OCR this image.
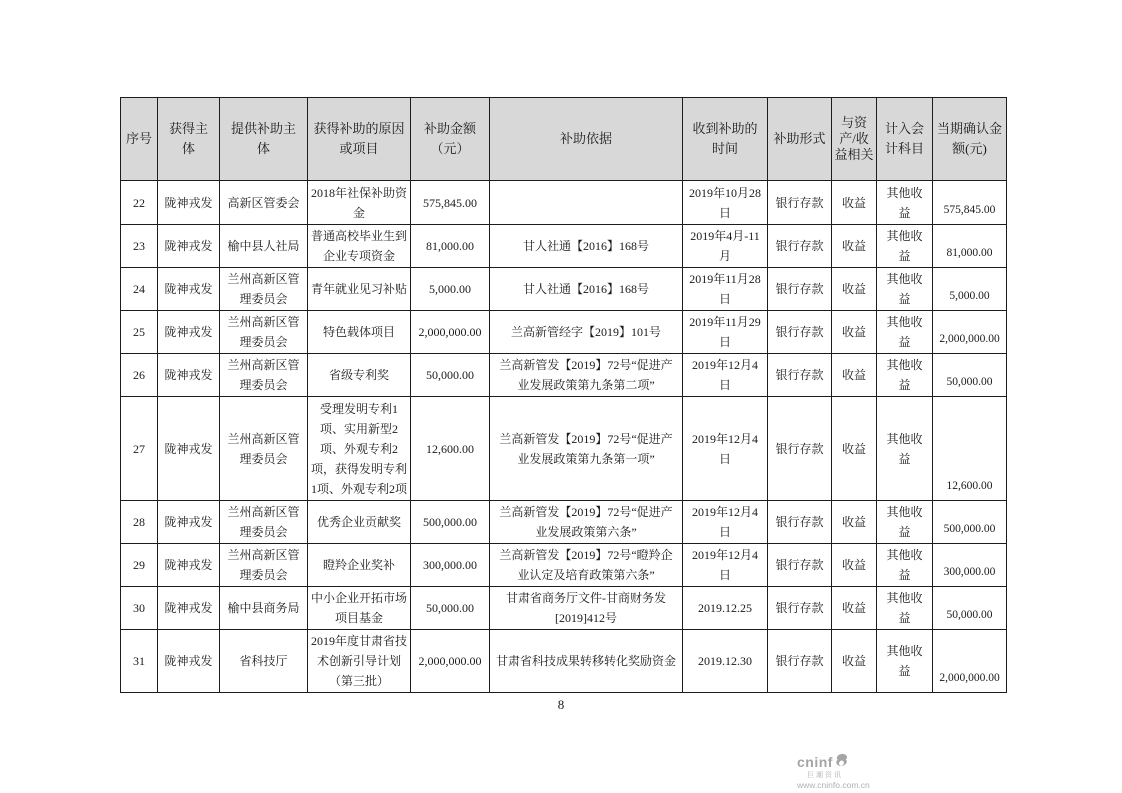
序号	获得主体	提供补助主体	获得补助的原因或项目	补助金额（元）	补助依据	收到补助的时间	补助形式	与资产/收益相关	计入会计科目	当期确认金额(元)
22	陇神戎发	高新区管委会	2018年社保补助资金	575,845.00		2019年10月28日	银行存款	收益	其他收益	575,845.00
23	陇神戎发	榆中县人社局	普通高校毕业生到企业专项资金	81,000.00	甘人社通【2016】168号	2019年4月-11月	银行存款	收益	其他收益	81,000.00
24	陇神戎发	兰州高新区管理委员会	青年就业见习补贴	5,000.00	甘人社通【2016】168号	2019年11月28日	银行存款	收益	其他收益	5,000.00
25	陇神戎发	兰州高新区管理委员会	特色载体项目	2,000,000.00	兰高新管经字【2019】101号	2019年11月29日	银行存款	收益	其他收益	2,000,000.00
26	陇神戎发	兰州高新区管理委员会	省级专利奖	50,000.00	兰高新管发【2019】72号“促进产业发展政策第九条第二项”	2019年12月4日	银行存款	收益	其他收益	50,000.00
27	陇神戎发	兰州高新区管理委员会	受理发明专利1项、实用新型2项、外观专利2项，获得发明专利1项、外观专利2项	12,600.00	兰高新管发【2019】72号“促进产业发展政策第九条第一项”	2019年12月4日	银行存款	收益	其他收益	12,600.00
28	陇神戎发	兰州高新区管理委员会	优秀企业贡献奖	500,000.00	兰高新管发【2019】72号“促进产业发展政策第六条”	2019年12月4日	银行存款	收益	其他收益	500,000.00
29	陇神戎发	兰州高新区管理委员会	瞪羚企业奖补	300,000.00	兰高新管发【2019】72号“瞪羚企业认定及培育政策第六条”	2019年12月4日	银行存款	收益	其他收益	300,000.00
30	陇神戎发	榆中县商务局	中小企业开拓市场项目基金	50,000.00	甘肃省商务厅文件-甘商财务发[2019]412号	2019.12.25	银行存款	收益	其他收益	50,000.00
31	陇神戎发	省科技厅	2019年度甘肃省技术创新引导计划（第三批）	2,000,000.00	甘肃省科技成果转移转化奖励资金	2019.12.30	银行存款	收益	其他收益	2,000,000.00
8
cninf
巨潮资讯
www.cninfo.com.cn
